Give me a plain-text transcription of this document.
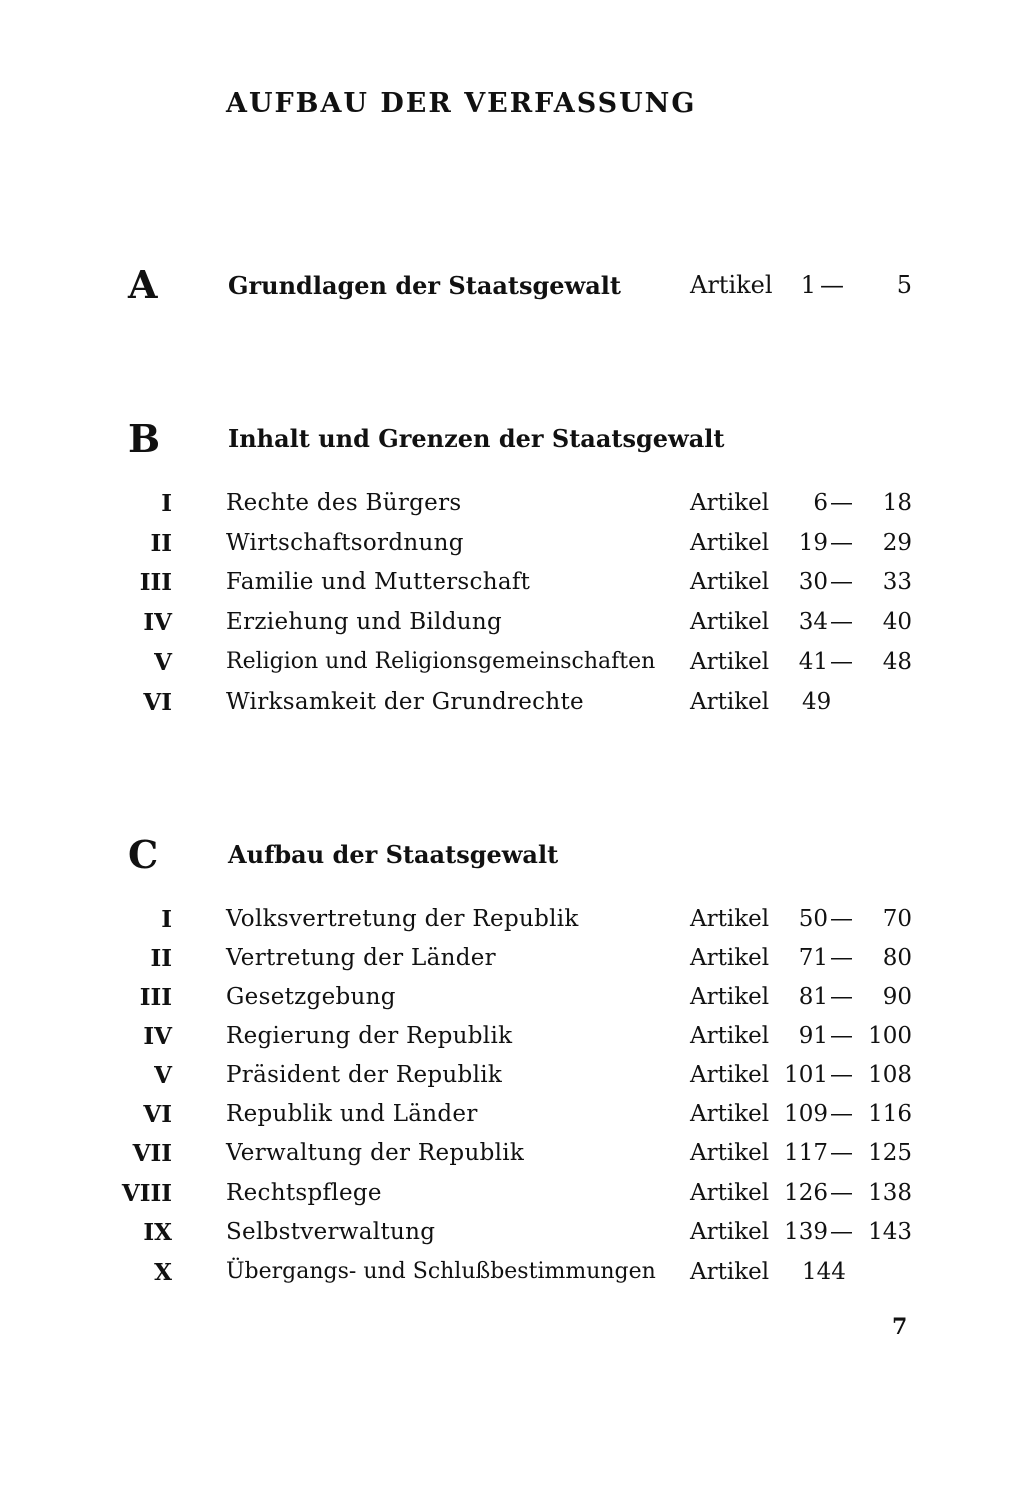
AUFBAU DER VERFASSUNG
A	Grundlagen der Staatsgewalt	Artikel 1 — 5
B	Inhalt und Grenzen der Staatsgewalt
I Rechte des Bürgers	Artikel 6 — 18
II Wirtschaftsordnung	Artikel 19 — 29
III Familie und Mutterschaft	Artikel 30 — 33
IV Erziehung und Bildung	Artikel 34 — 40
V Religion und Religionsgemeinschaften Artikel 41 — 48
VI Wirksamkeit der Grundrechte	Artikel 49
C	Aufbau der Staatsgewalt
I Volksvertretung der Republik	Artikel 50 — 70
II Vertretung der Länder	Artikel 71 — 80
III Gesetzgebung	Artikel 81 — 90
IV Regierung der Republik	Artikel 91 — 100
V Präsident der Republik	Artikel 101 — 108
VI Republik und Länder	Artikel 109 — 116
VII Verwaltung der Republik	Artikel 117 — 125
VIII Rechtspflege	Artikel 126 — 138
IX Selbstverwaltung	Artikel 139 — 143
X Übergangs- und Schlußbestimmungen Artikel 144
7
